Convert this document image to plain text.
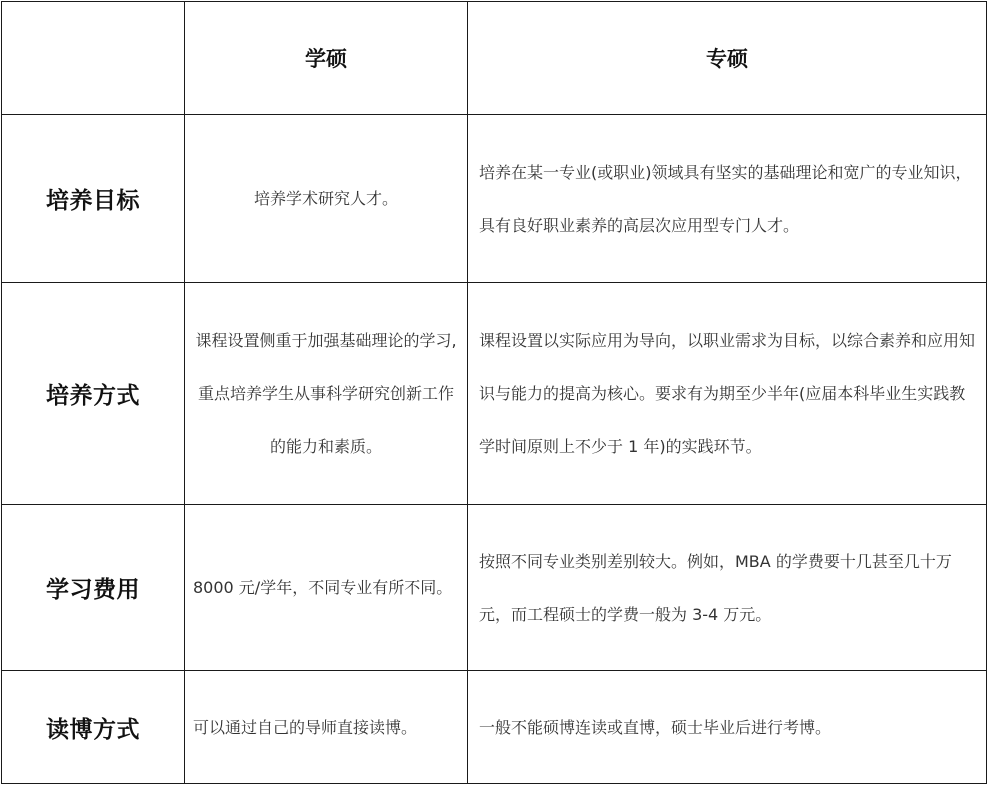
	学硕	专硕
培养目标	培养学术研究人才。	培养在某一专业(或职业)领域具有坚实的基础理论和宽广的专业知识，具有良好职业素养的高层次应用型专门人才。

培养方式	课程设置侧重于加强基础理论的学习,重点培养学生从事科学研究创新工作的能力和素质。	课程设置以实际应用为导向，以职业需求为目标，以综合素养和应用知识与能力的提高为核心。要求有为期至少半年(应届本科毕业生实践教学时间原则上不少于 1 年)的实践环节。

学习费用	8000 元/学年，不同专业有所不同。	按照不同专业类别差别较大。例如，MBA 的学费要十几甚至几十万元，而工程硕士的学费一般为 3-4 万元。

读博方式	可以通过自己的导师直接读博。	一般不能硕博连读或直博，硕士毕业后进行考博。
